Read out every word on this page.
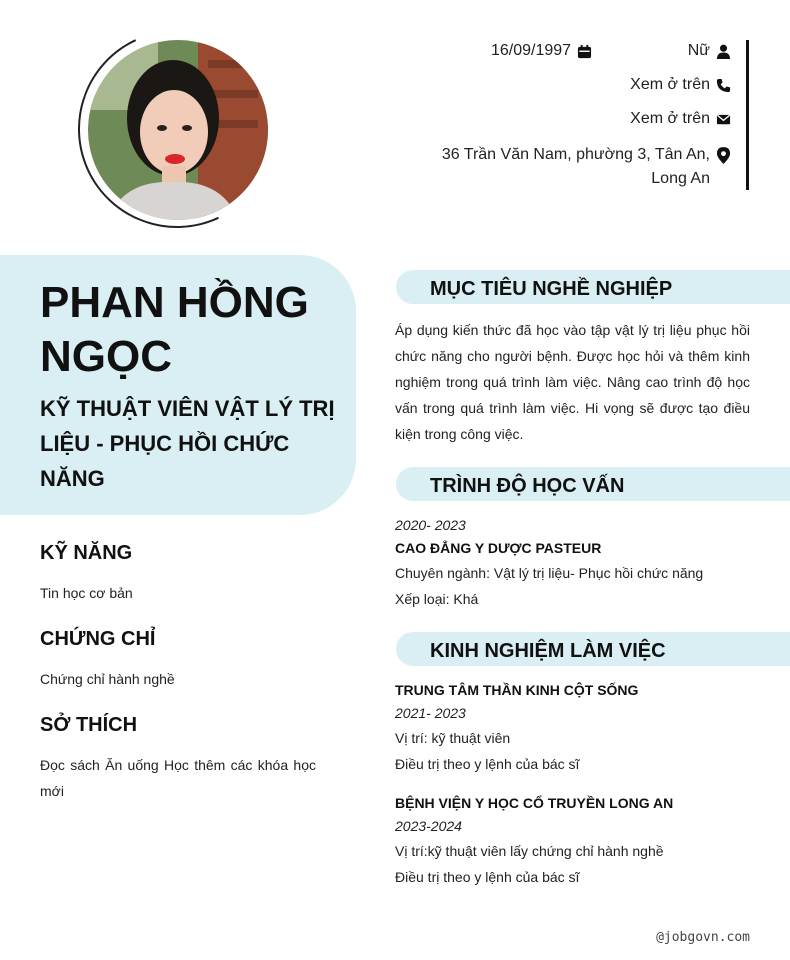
16/09/1997	Nữ
Xem ở trên
Xem ở trên
36 Trần Văn Nam, phường 3, Tân An, Long An
PHAN HỒNG NGỌC
KỸ THUẬT VIÊN VẬT LÝ TRỊ LIỆU - PHỤC HỒI CHỨC NĂNG
KỸ NĂNG
Tin học cơ bản
CHỨNG CHỈ
Chứng chỉ hành nghề
SỞ THÍCH
Đọc sách Ăn uống Học thêm các khóa học mới
MỤC TIÊU NGHỀ NGHIỆP
Áp dụng kiến thức đã học vào tập vật lý trị liệu phục hồi chức năng cho người bệnh. Được học hỏi và thêm kinh nghiệm trong quá trình làm việc. Nâng cao trình độ học vấn trong quá trình làm việc. Hi vọng sẽ được tạo điều kiện trong công việc.
TRÌNH ĐỘ HỌC VẤN
2020- 2023
CAO ĐẲNG Y DƯỢC PASTEUR
Chuyên ngành: Vật lý trị liệu- Phục hồi chức năng
Xếp loại: Khá
KINH NGHIỆM LÀM VIỆC
TRUNG TÂM THẦN KINH CỘT SỐNG
2021- 2023
Vị trí: kỹ thuật viên
Điều trị theo y lệnh của bác sĩ
BỆNH VIỆN Y HỌC CỔ TRUYỀN LONG AN
2023-2024
Vị trí:kỹ thuật viên lấy chứng chỉ hành nghề
Điều trị theo y lệnh của bác sĩ
@jobgovn.com
